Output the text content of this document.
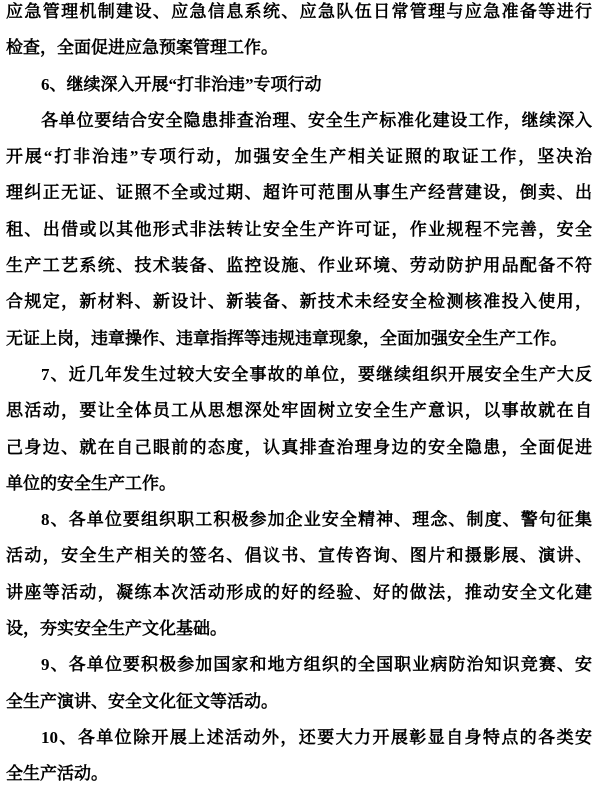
应急管理机制建设、应急信息系统、应急队伍日常管理与应急准备等进行
检查，全面促进应急预案管理工作。
6、继续深入开展“打非治违”专项行动
各单位要结合安全隐患排查治理、安全生产标准化建设工作，继续深入
开展“打非治违”专项行动，加强安全生产相关证照的取证工作，坚决治
理纠正无证、证照不全或过期、超许可范围从事生产经营建设，倒卖、出
租、出借或以其他形式非法转让安全生产许可证，作业规程不完善，安全
生产工艺系统、技术装备、监控设施、作业环境、劳动防护用品配备不符
合规定，新材料、新设计、新装备、新技术未经安全检测核准投入使用，
无证上岗，违章操作、违章指挥等违规违章现象，全面加强安全生产工作。
7、近几年发生过较大安全事故的单位，要继续组织开展安全生产大反
思活动，要让全体员工从思想深处牢固树立安全生产意识，以事故就在自
己身边、就在自己眼前的态度，认真排查治理身边的安全隐患，全面促进
单位的安全生产工作。
8、各单位要组织职工积极参加企业安全精神、理念、制度、警句征集
活动，安全生产相关的签名、倡议书、宣传咨询、图片和摄影展、演讲、
讲座等活动，凝练本次活动形成的好的经验、好的做法，推动安全文化建
设，夯实安全生产文化基础。
9、各单位要积极参加国家和地方组织的全国职业病防治知识竞赛、安
全生产演讲、安全文化征文等活动。
10、各单位除开展上述活动外，还要大力开展彰显自身特点的各类安
全生产活动。
